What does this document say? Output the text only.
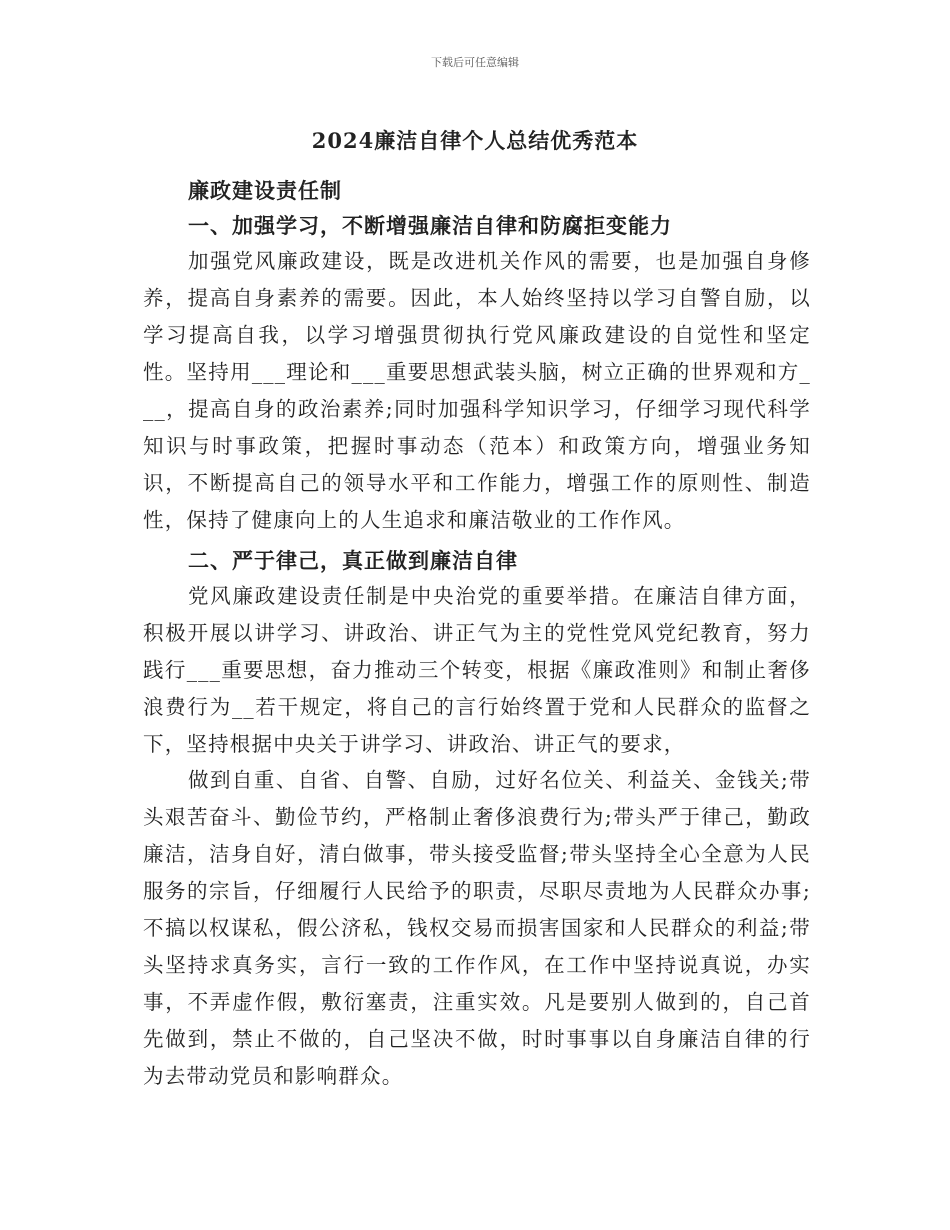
下载后可任意编辑
2024廉洁自律个人总结优秀范本
廉政建设责任制
一、加强学习，不断增强廉洁自律和防腐拒变能力

加强党风廉政建设，既是改进机关作风的需要，也是加强自身修养，提高自身素养的需要。因此，本人始终坚持以学习自警自励，以学习提高自我，以学习增强贯彻执行党风廉政建设的自觉性和坚定性。坚持用___理论和___重要思想武装头脑，树立正确的世界观和方___，提高自身的政治素养;同时加强科学知识学习，仔细学习现代科学知识与时事政策，把握时事动态（范本）和政策方向，增强业务知识，不断提高自己的领导水平和工作能力，增强工作的原则性、制造性，保持了健康向上的人生追求和廉洁敬业的工作作风。

二、严于律己，真正做到廉洁自律

党风廉政建设责任制是中央治党的重要举措。在廉洁自律方面，积极开展以讲学习、讲政治、讲正气为主的党性党风党纪教育，努力践行___重要思想，奋力推动三个转变，根据《廉政准则》和制止奢侈浪费行为__若干规定，将自己的言行始终置于党和人民群众的监督之下，坚持根据中央关于讲学习、讲政治、讲正气的要求，

做到自重、自省、自警、自励，过好名位关、利益关、金钱关;带头艰苦奋斗、勤俭节约，严格制止奢侈浪费行为;带头严于律己，勤政廉洁，洁身自好，清白做事，带头接受监督;带头坚持全心全意为人民服务的宗旨，仔细履行人民给予的职责，尽职尽责地为人民群众办事;不搞以权谋私，假公济私，钱权交易而损害国家和人民群众的利益;带头坚持求真务实，言行一致的工作作风，在工作中坚持说真说，办实事，不弄虚作假，敷衍塞责，注重实效。凡是要别人做到的，自己首先做到，禁止不做的，自己坚决不做，时时事事以自身廉洁自律的行为去带动党员和影响群众。
